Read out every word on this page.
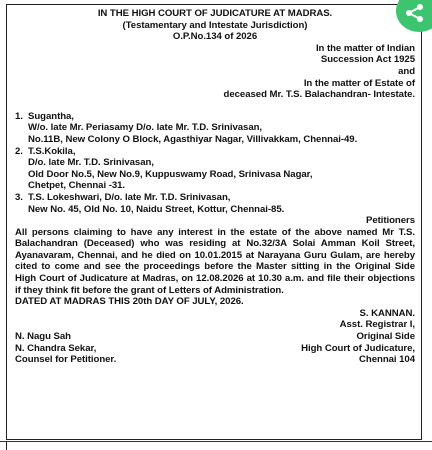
IN THE HIGH COURT OF JUDICATURE AT MADRAS.
(Testamentary and Intestate Jurisdiction)
O.P.No.134 of 2026
In the matter of Indian
Succession Act 1925
and
In the matter of Estate of
deceased Mr. T.S. Balachandran- Intestate.
1. Sugantha,
W/o. late Mr. Periasamy D/o. late Mr. T.D. Srinivasan,
No.11B, New Colony O Block, Agasthiyar Nagar, Villivakkam, Chennai-49.
2. T.S.Kokila,
D/o. late Mr. T.D. Srinivasan,
Old Door No.5, New No.9, Kuppuswamy Road, Srinivasa Nagar,
Chetpet, Chennai -31.
3. T.S. Lokeshwari, D/o. late Mr. T.D. Srinivasan,
New No. 45, Old No. 10, Naidu Street, Kottur, Chennai-85.
Petitioners
All persons claiming to have any interest in the estate of the above named Mr T.S. Balachandran (Deceased) who was residing at No.32/3A Solai Amman Koil Street, Ayanavaram, Chennai, and he died on 10.01.2015 at Narayana Guru Gulam, are hereby cited to come and see the proceedings before the Master sitting in the Original Side High Court of Judicature at Madras, on 12.08.2026 at 10.30 a.m. and file their objections if they think fit before the grant of Letters of Administration.
DATED AT MADRAS THIS 20th DAY OF JULY, 2026.
S. KANNAN.
Asst. Registrar I,
N. Nagu Sah
N. Chandra Sekar,
Counsel for Petitioner.
Original Side
High Court of Judicature,
Chennai 104
